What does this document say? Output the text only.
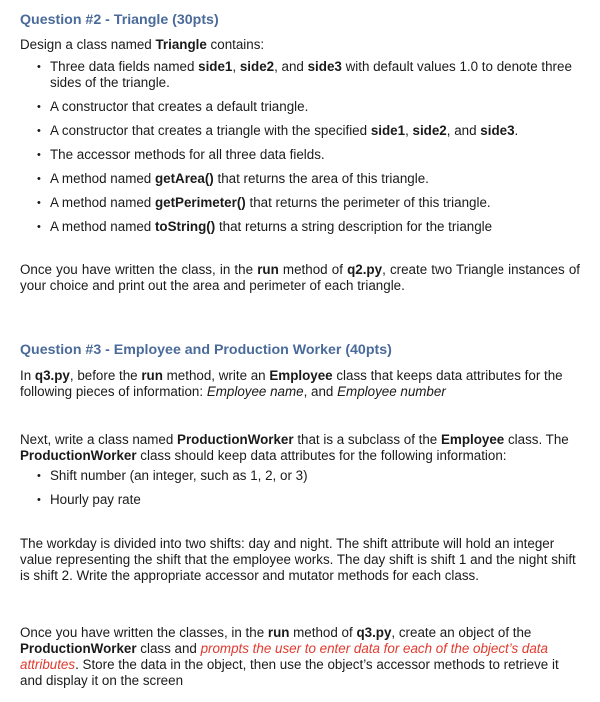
Question #2 - Triangle (30pts)

Design a class named Triangle contains:

• Three data fields named side1, side2, and side3 with default values 1.0 to denote three sides of the triangle.
• A constructor that creates a default triangle.
• A constructor that creates a triangle with the specified side1, side2, and side3.
• The accessor methods for all three data fields.
• A method named getArea() that returns the area of this triangle.
• A method named getPerimeter() that returns the perimeter of this triangle.
• A method named toString() that returns a string description for the triangle

Once you have written the class, in the run method of q2.py, create two Triangle instances of your choice and print out the area and perimeter of each triangle.

Question #3 - Employee and Production Worker (40pts)

In q3.py, before the run method, write an Employee class that keeps data attributes for the following pieces of information: Employee name, and Employee number

Next, write a class named ProductionWorker that is a subclass of the Employee class. The ProductionWorker class should keep data attributes for the following information:

• Shift number (an integer, such as 1, 2, or 3)
• Hourly pay rate

The workday is divided into two shifts: day and night. The shift attribute will hold an integer value representing the shift that the employee works. The day shift is shift 1 and the night shift is shift 2. Write the appropriate accessor and mutator methods for each class.

Once you have written the classes, in the run method of q3.py, create an object of the ProductionWorker class and prompts the user to enter data for each of the object’s data attributes. Store the data in the object, then use the object’s accessor methods to retrieve it and display it on the screen
